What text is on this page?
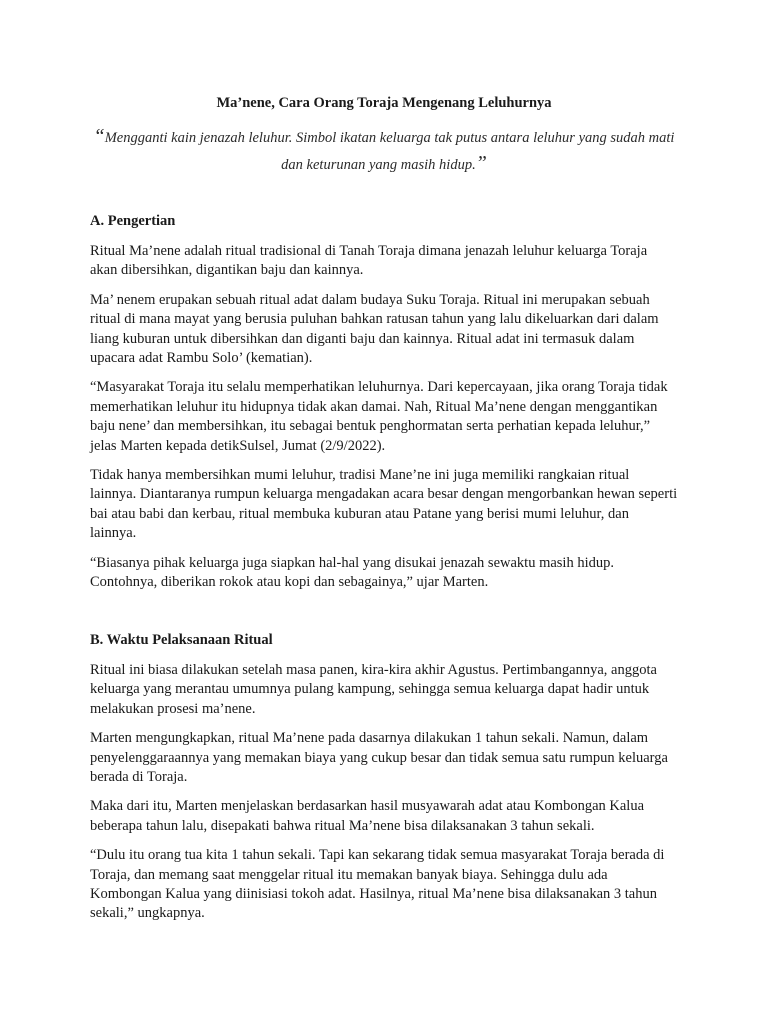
Ma’nene, Cara Orang Toraja Mengenang Leluhurnya
“Mengganti kain jenazah leluhur. Simbol ikatan keluarga tak putus antara leluhur yang sudah mati dan keturunan yang masih hidup.”
A. Pengertian

Ritual Ma’nene adalah ritual tradisional di Tanah Toraja dimana jenazah leluhur keluarga Toraja akan dibersihkan, digantikan baju dan kainnya.

Ma’ nenem erupakan sebuah ritual adat dalam budaya Suku Toraja. Ritual ini merupakan sebuah ritual di mana mayat yang berusia puluhan bahkan ratusan tahun yang lalu dikeluarkan dari dalam liang kuburan untuk dibersihkan dan diganti baju dan kainnya. Ritual adat ini termasuk dalam upacara adat Rambu Solo’ (kematian).

“Masyarakat Toraja itu selalu memperhatikan leluhurnya. Dari kepercayaan, jika orang Toraja tidak memerhatikan leluhur itu hidupnya tidak akan damai. Nah, Ritual Ma’nene dengan menggantikan baju nene’ dan membersihkan, itu sebagai bentuk penghormatan serta perhatian kepada leluhur,” jelas Marten kepada detikSulsel, Jumat (2/9/2022).

Tidak hanya membersihkan mumi leluhur, tradisi Mane’ne ini juga memiliki rangkaian ritual lainnya. Diantaranya rumpun keluarga mengadakan acara besar dengan mengorbankan hewan seperti bai atau babi dan kerbau, ritual membuka kuburan atau Patane yang berisi mumi leluhur, dan lainnya.

“Biasanya pihak keluarga juga siapkan hal-hal yang disukai jenazah sewaktu masih hidup. Contohnya, diberikan rokok atau kopi dan sebagainya,” ujar Marten.

B. Waktu Pelaksanaan Ritual

Ritual ini biasa dilakukan setelah masa panen, kira-kira akhir Agustus. Pertimbangannya, anggota keluarga yang merantau umumnya pulang kampung, sehingga semua keluarga dapat hadir untuk melakukan prosesi ma’nene.

Marten mengungkapkan, ritual Ma’nene pada dasarnya dilakukan 1 tahun sekali. Namun, dalam penyelenggaraannya yang memakan biaya yang cukup besar dan tidak semua satu rumpun keluarga berada di Toraja.

Maka dari itu, Marten menjelaskan berdasarkan hasil musyawarah adat atau Kombongan Kalua beberapa tahun lalu, disepakati bahwa ritual Ma’nene bisa dilaksanakan 3 tahun sekali.

“Dulu itu orang tua kita 1 tahun sekali. Tapi kan sekarang tidak semua masyarakat Toraja berada di Toraja, dan memang saat menggelar ritual itu memakan banyak biaya. Sehingga dulu ada Kombongan Kalua yang diinisiasi tokoh adat. Hasilnya, ritual Ma’nene bisa dilaksanakan 3 tahun sekali,” ungkapnya.
